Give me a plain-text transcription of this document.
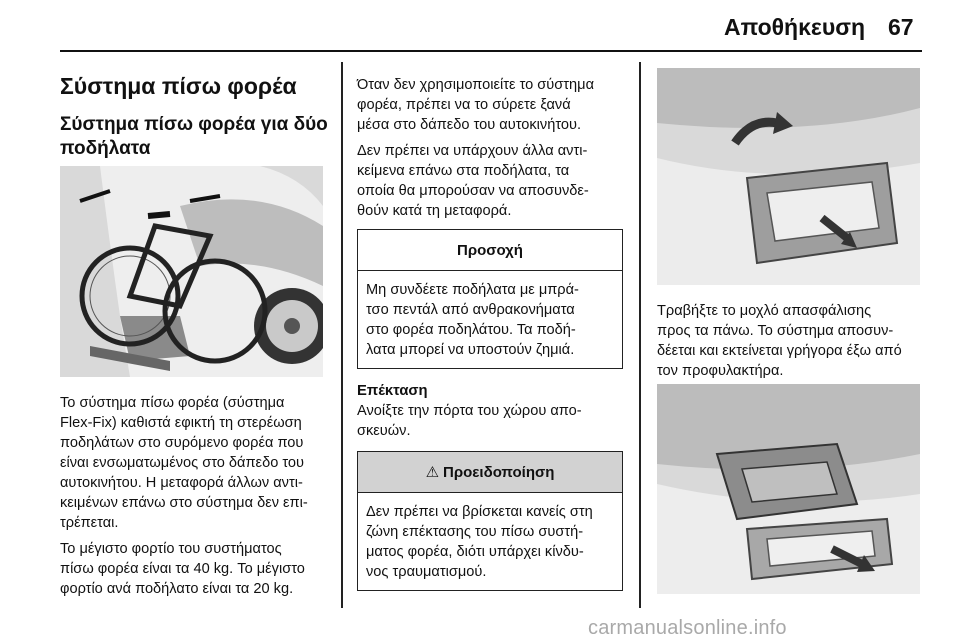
Αποθήκευση 67
Σύστημα πίσω φορέα
Σύστημα πίσω φορέα για δύο
ποδήλατα

Το σύστημα πίσω φορέα (σύστημα
Flex-Fix) καθιστά εφικτή τη στερέωση
ποδηλάτων στο συρόμενο φορέα που
είναι ενσωματωμένος στο δάπεδο του
αυτοκινήτου. Η μεταφορά άλλων αντι-
κειμένων επάνω στο σύστημα δεν επι-
τρέπεται.

Το μέγιστο φορτίο του συστήματος
πίσω φορέα είναι τα 40 kg. Το μέγιστο
φορτίο ανά ποδήλατο είναι τα 20 kg.

Όταν δεν χρησιμοποιείτε το σύστημα
φορέα, πρέπει να το σύρετε ξανά
μέσα στο δάπεδο του αυτοκινήτου.

Δεν πρέπει να υπάρχουν άλλα αντι-
κείμενα επάνω στα ποδήλατα, τα
οποία θα μπορούσαν να αποσυνδε-
θούν κατά τη μεταφορά.

Προσοχή
Μη συνδέετε ποδήλατα με μπρά-
τσο πεντάλ από ανθρακονήματα
στο φορέα ποδηλάτου. Τα ποδή-
λατα μπορεί να υποστούν ζημιά.
Επέκταση

Ανοίξτε την πόρτα του χώρου απο-
σκευών.

⚠ Προειδοποίηση
Δεν πρέπει να βρίσκεται κανείς στη
ζώνη επέκτασης του πίσω συστή-
ματος φορέα, διότι υπάρχει κίνδυ-
νος τραυματισμού.

Τραβήξτε το μοχλό απασφάλισης
προς τα πάνω. Το σύστημα αποσυν-
δέεται και εκτείνεται γρήγορα έξω από
τον προφυλακτήρα.

carmanualsonline.info
